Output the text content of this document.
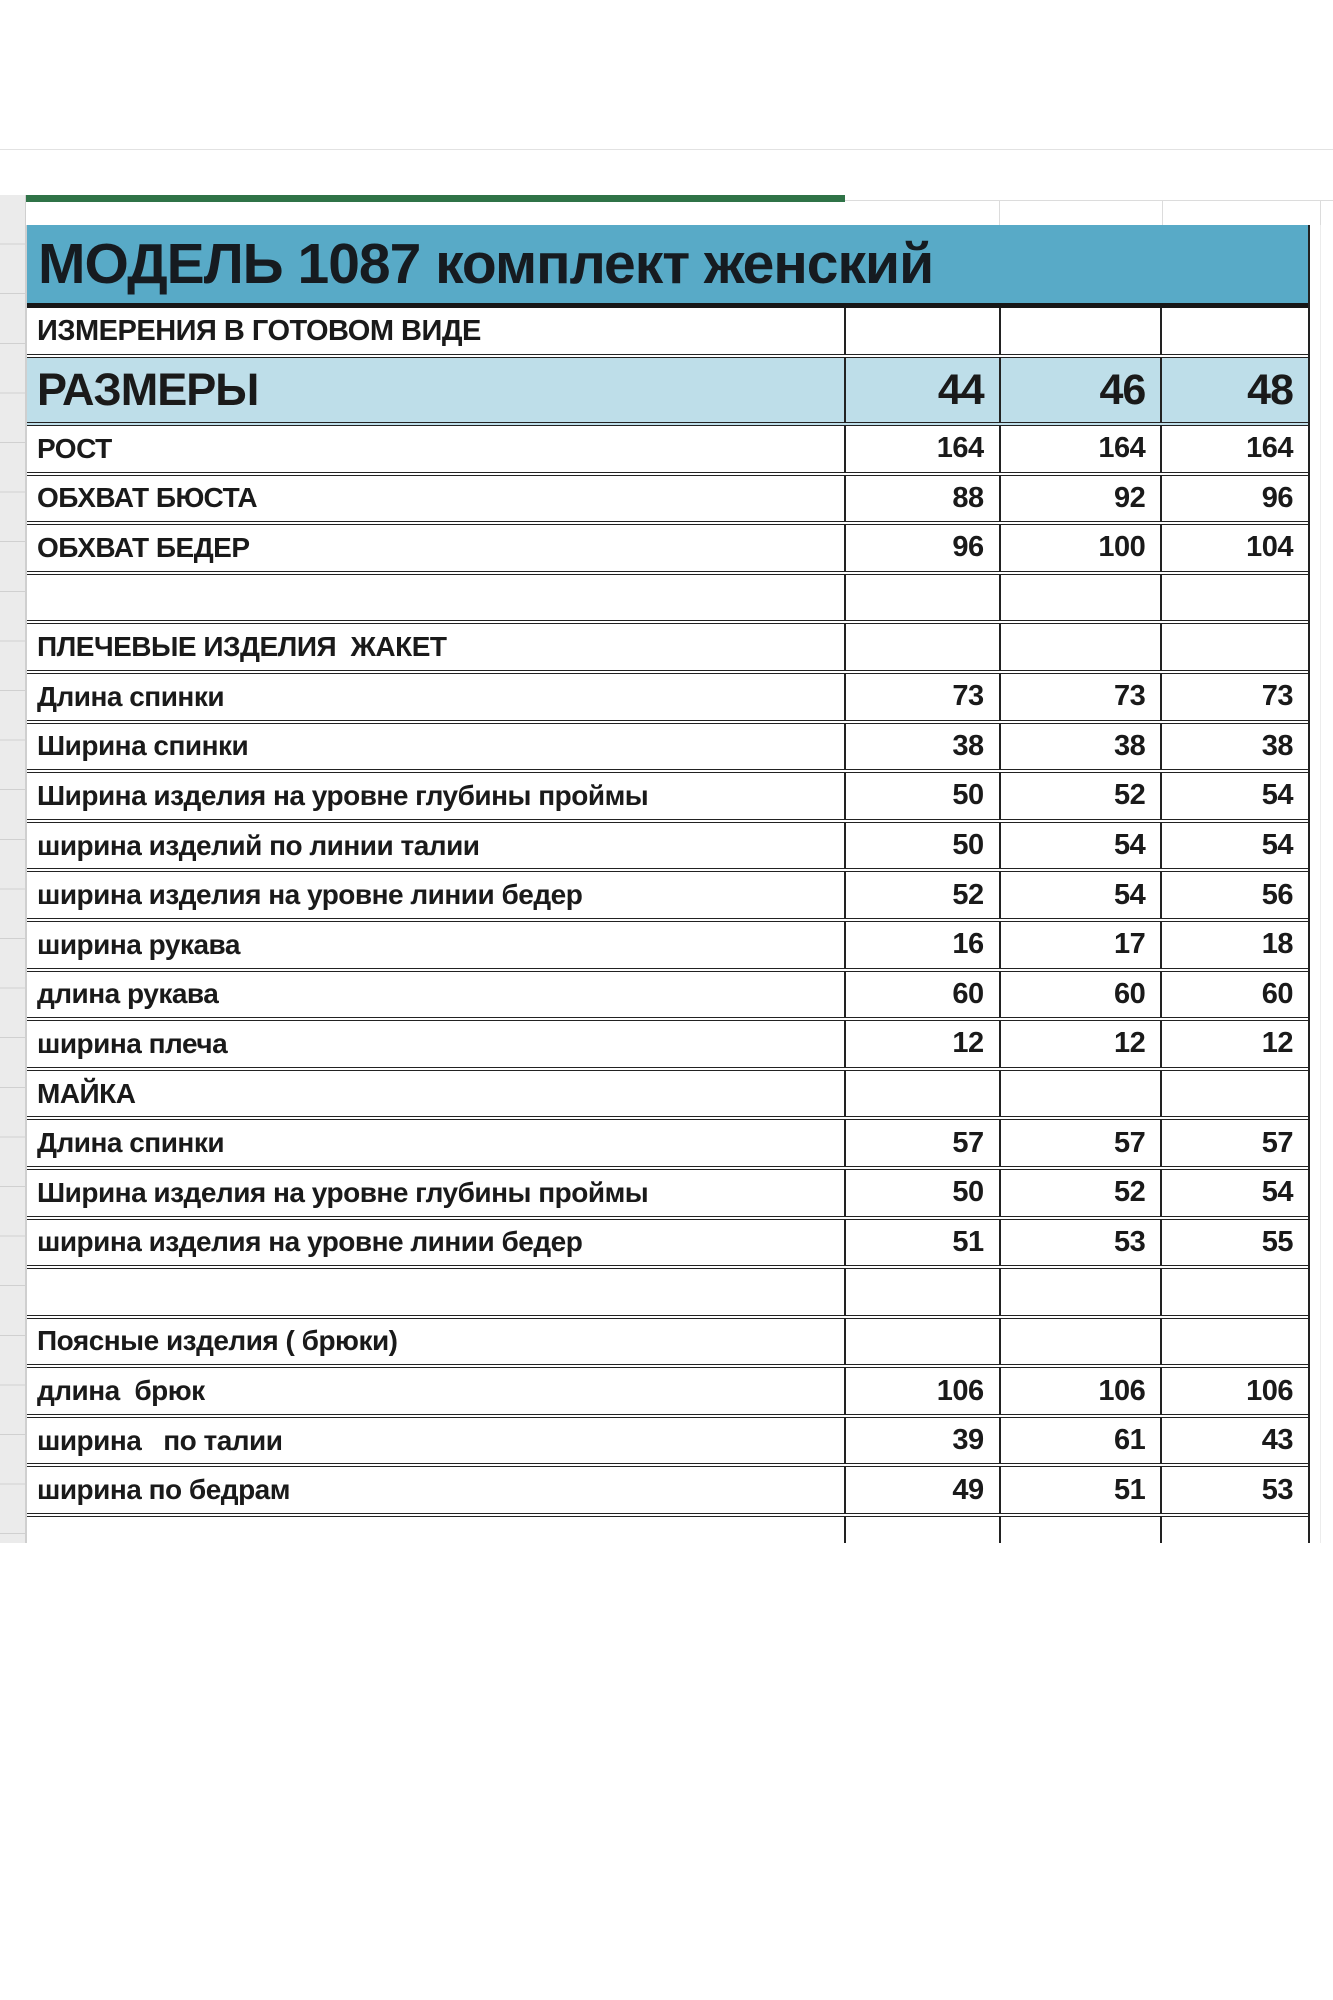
МОДЕЛЬ 1087 комплект женский
ИЗМЕРЕНИЯ В ГОТОВОМ ВИДЕ
РАЗМЕРЫ	44	46	48
РОСТ	164	164	164
ОБХВАТ БЮСТА	88	92	96
ОБХВАТ БЕДЕР	96	100	104
ПЛЕЧЕВЫЕ ИЗДЕЛИЯ  ЖАКЕТ
Длина спинки	73	73	73
Ширина спинки	38	38	38
Ширина изделия на уровне глубины проймы	50	52	54
ширина изделий по линии талии	50	54	54
ширина изделия на уровне линии бедер	52	54	56
ширина рукава	16	17	18
длина рукава	60	60	60
ширина плеча	12	12	12
МАЙКА
Длина спинки	57	57	57
Ширина изделия на уровне глубины проймы	50	52	54
ширина изделия на уровне линии бедер	51	53	55
Поясные изделия ( брюки)
длина  брюк	106	106	106
ширина   по талии	39	61	43
ширина по бедрам	49	51	53
